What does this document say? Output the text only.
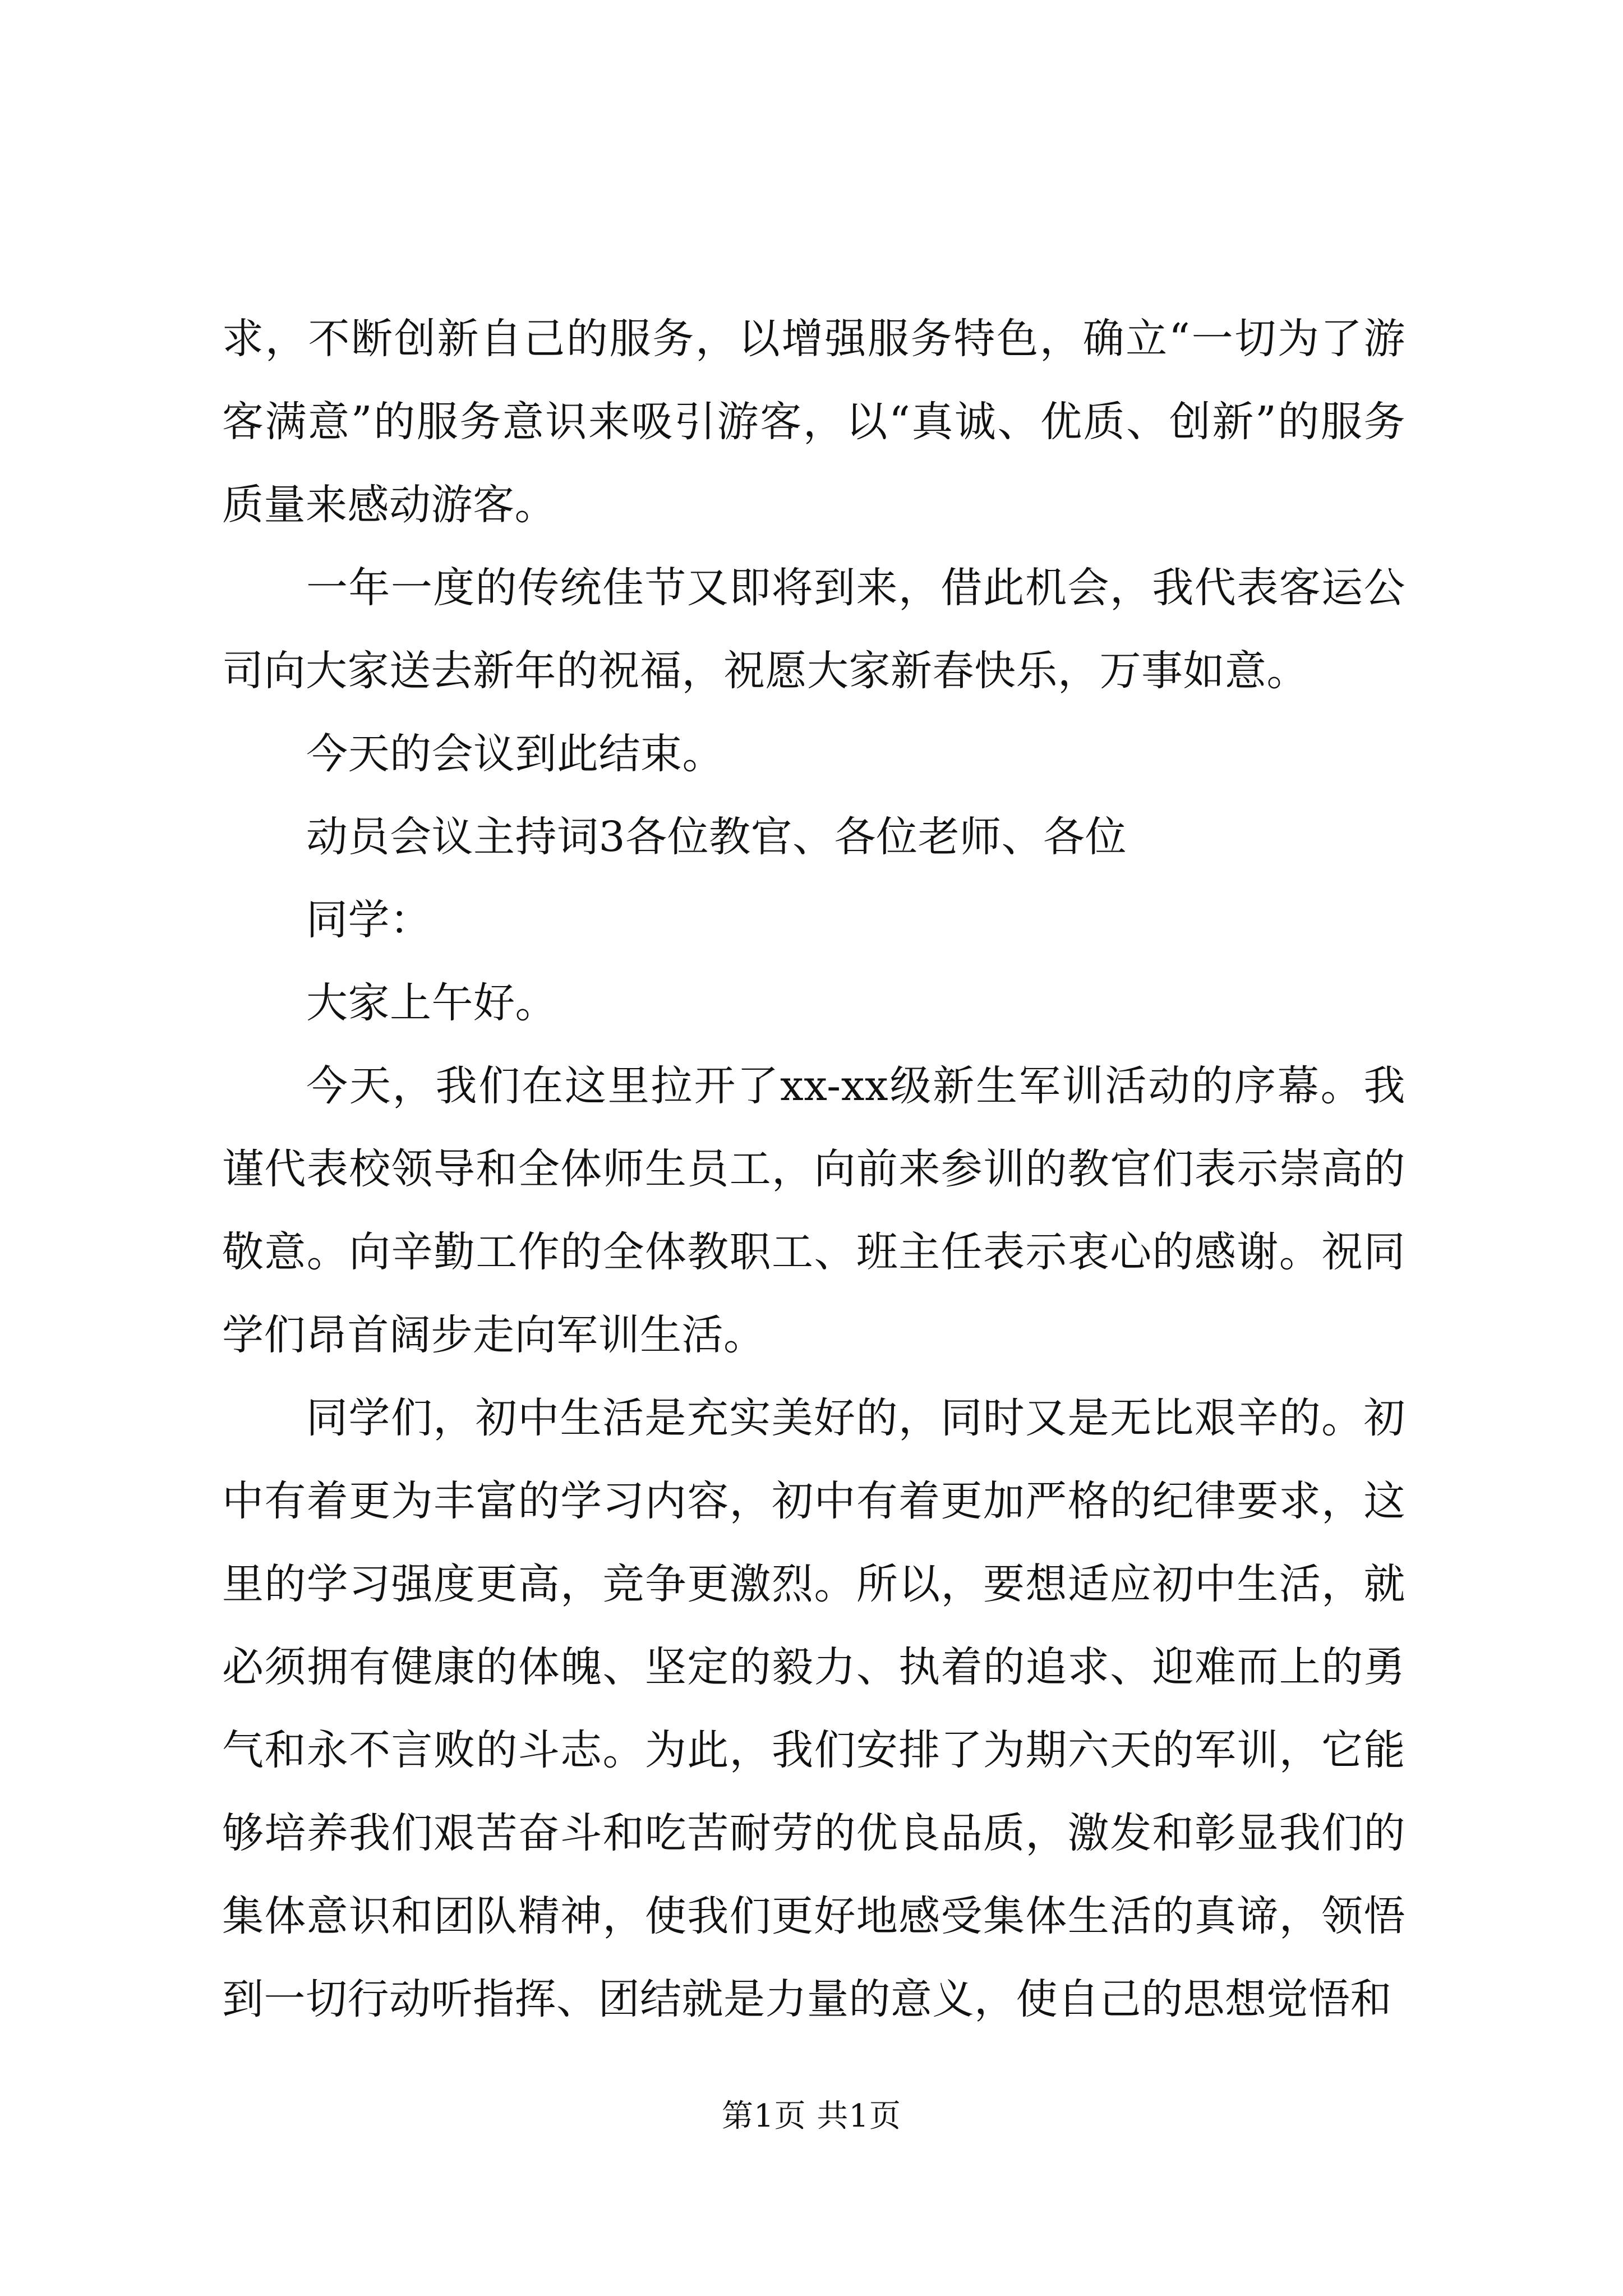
求，不断创新自己的服务，以增强服务特色，确立“一切为了游客满意”的服务意识来吸引游客，以“真诚、优质、创新”的服务质量来感动游客。

一年一度的传统佳节又即将到来，借此机会，我代表客运公司向大家送去新年的祝福，祝愿大家新春快乐，万事如意。

今天的会议到此结束。

动员会议主持词3各位教官、各位老师、各位

同学：

大家上午好。

今天，我们在这里拉开了xx-xx级新生军训活动的序幕。我谨代表校领导和全体师生员工，向前来参训的教官们表示崇高的敬意。向辛勤工作的全体教职工、班主任表示衷心的感谢。祝同学们昂首阔步走向军训生活。

同学们，初中生活是充实美好的，同时又是无比艰辛的。初中有着更为丰富的学习内容，初中有着更加严格的纪律要求，这里的学习强度更高，竞争更激烈。所以，要想适应初中生活，就必须拥有健康的体魄、坚定的毅力、执着的追求、迎难而上的勇气和永不言败的斗志。为此，我们安排了为期六天的军训，它能够培养我们艰苦奋斗和吃苦耐劳的优良品质，激发和彰显我们的集体意识和团队精神，使我们更好地感受集体生活的真谛，领悟到一切行动听指挥、团结就是力量的意义，使自己的思想觉悟和

第1页 共1页
